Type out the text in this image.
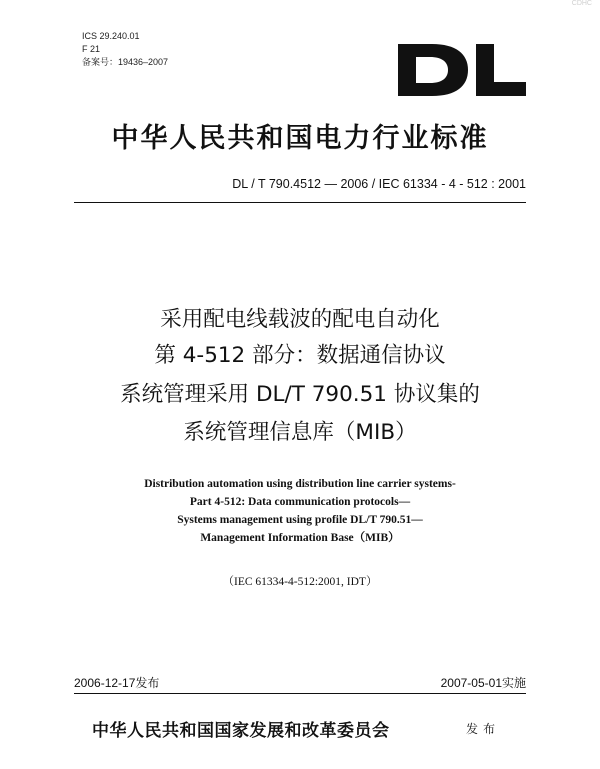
CDHC
ICS 29.240.01
F 21
备案号：19436–2007
中华人民共和国电力行业标准
DL / T 790.4512 — 2006 / IEC 61334 - 4 - 512 : 2001
采用配电线载波的配电自动化
第 4-512 部分：数据通信协议
系统管理采用 DL/T 790.51 协议集的
系统管理信息库（MIB）
Distribution automation using distribution line carrier systems-
Part 4-512: Data communication protocols—
Systems management using profile DL/T 790.51—
Management Information Base（MIB）
（IEC 61334-4-512:2001, IDT）
2006-12-17发布	2007-05-01实施
中华人民共和国国家发展和改革委员会	发布
